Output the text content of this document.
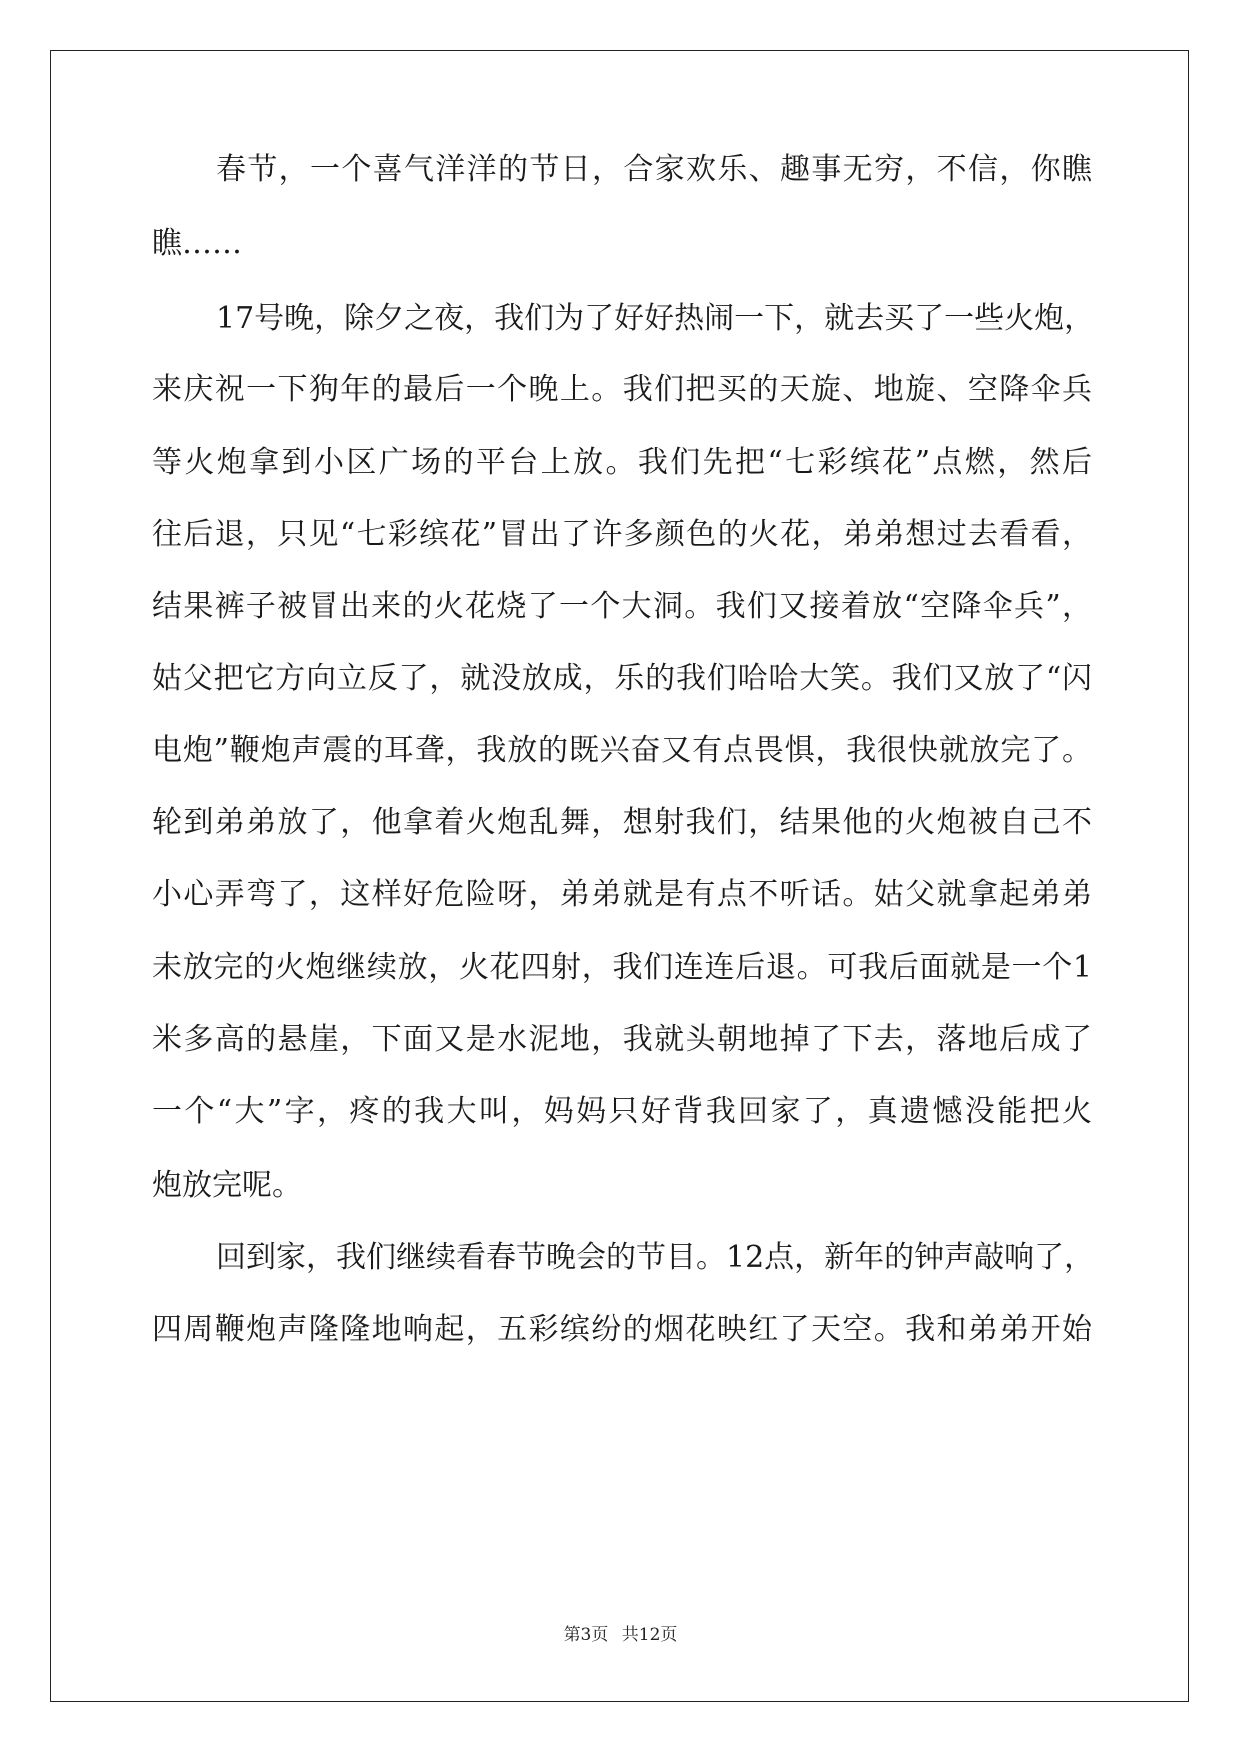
春节，一个喜气洋洋的节日，合家欢乐、趣事无穷，不信，你瞧

瞧……

17号晚，除夕之夜，我们为了好好热闹一下，就去买了一些火炮，

来庆祝一下狗年的最后一个晚上。我们把买的天旋、地旋、空降伞兵

等火炮拿到小区广场的平台上放。我们先把“七彩缤花”点燃，然后

往后退，只见“七彩缤花”冒出了许多颜色的火花，弟弟想过去看看，

结果裤子被冒出来的火花烧了一个大洞。我们又接着放“空降伞兵”，

姑父把它方向立反了，就没放成，乐的我们哈哈大笑。我们又放了“闪

电炮”鞭炮声震的耳聋，我放的既兴奋又有点畏惧，我很快就放完了。

轮到弟弟放了，他拿着火炮乱舞，想射我们，结果他的火炮被自己不

小心弄弯了，这样好危险呀，弟弟就是有点不听话。姑父就拿起弟弟

未放完的火炮继续放，火花四射，我们连连后退。可我后面就是一个1

米多高的悬崖，下面又是水泥地，我就头朝地掉了下去，落地后成了

一个“大”字，疼的我大叫，妈妈只好背我回家了，真遗憾没能把火

炮放完呢。

回到家，我们继续看春节晚会的节目。12点，新年的钟声敲响了，

四周鞭炮声隆隆地响起，五彩缤纷的烟花映红了天空。我和弟弟开始

第3页 共12页
